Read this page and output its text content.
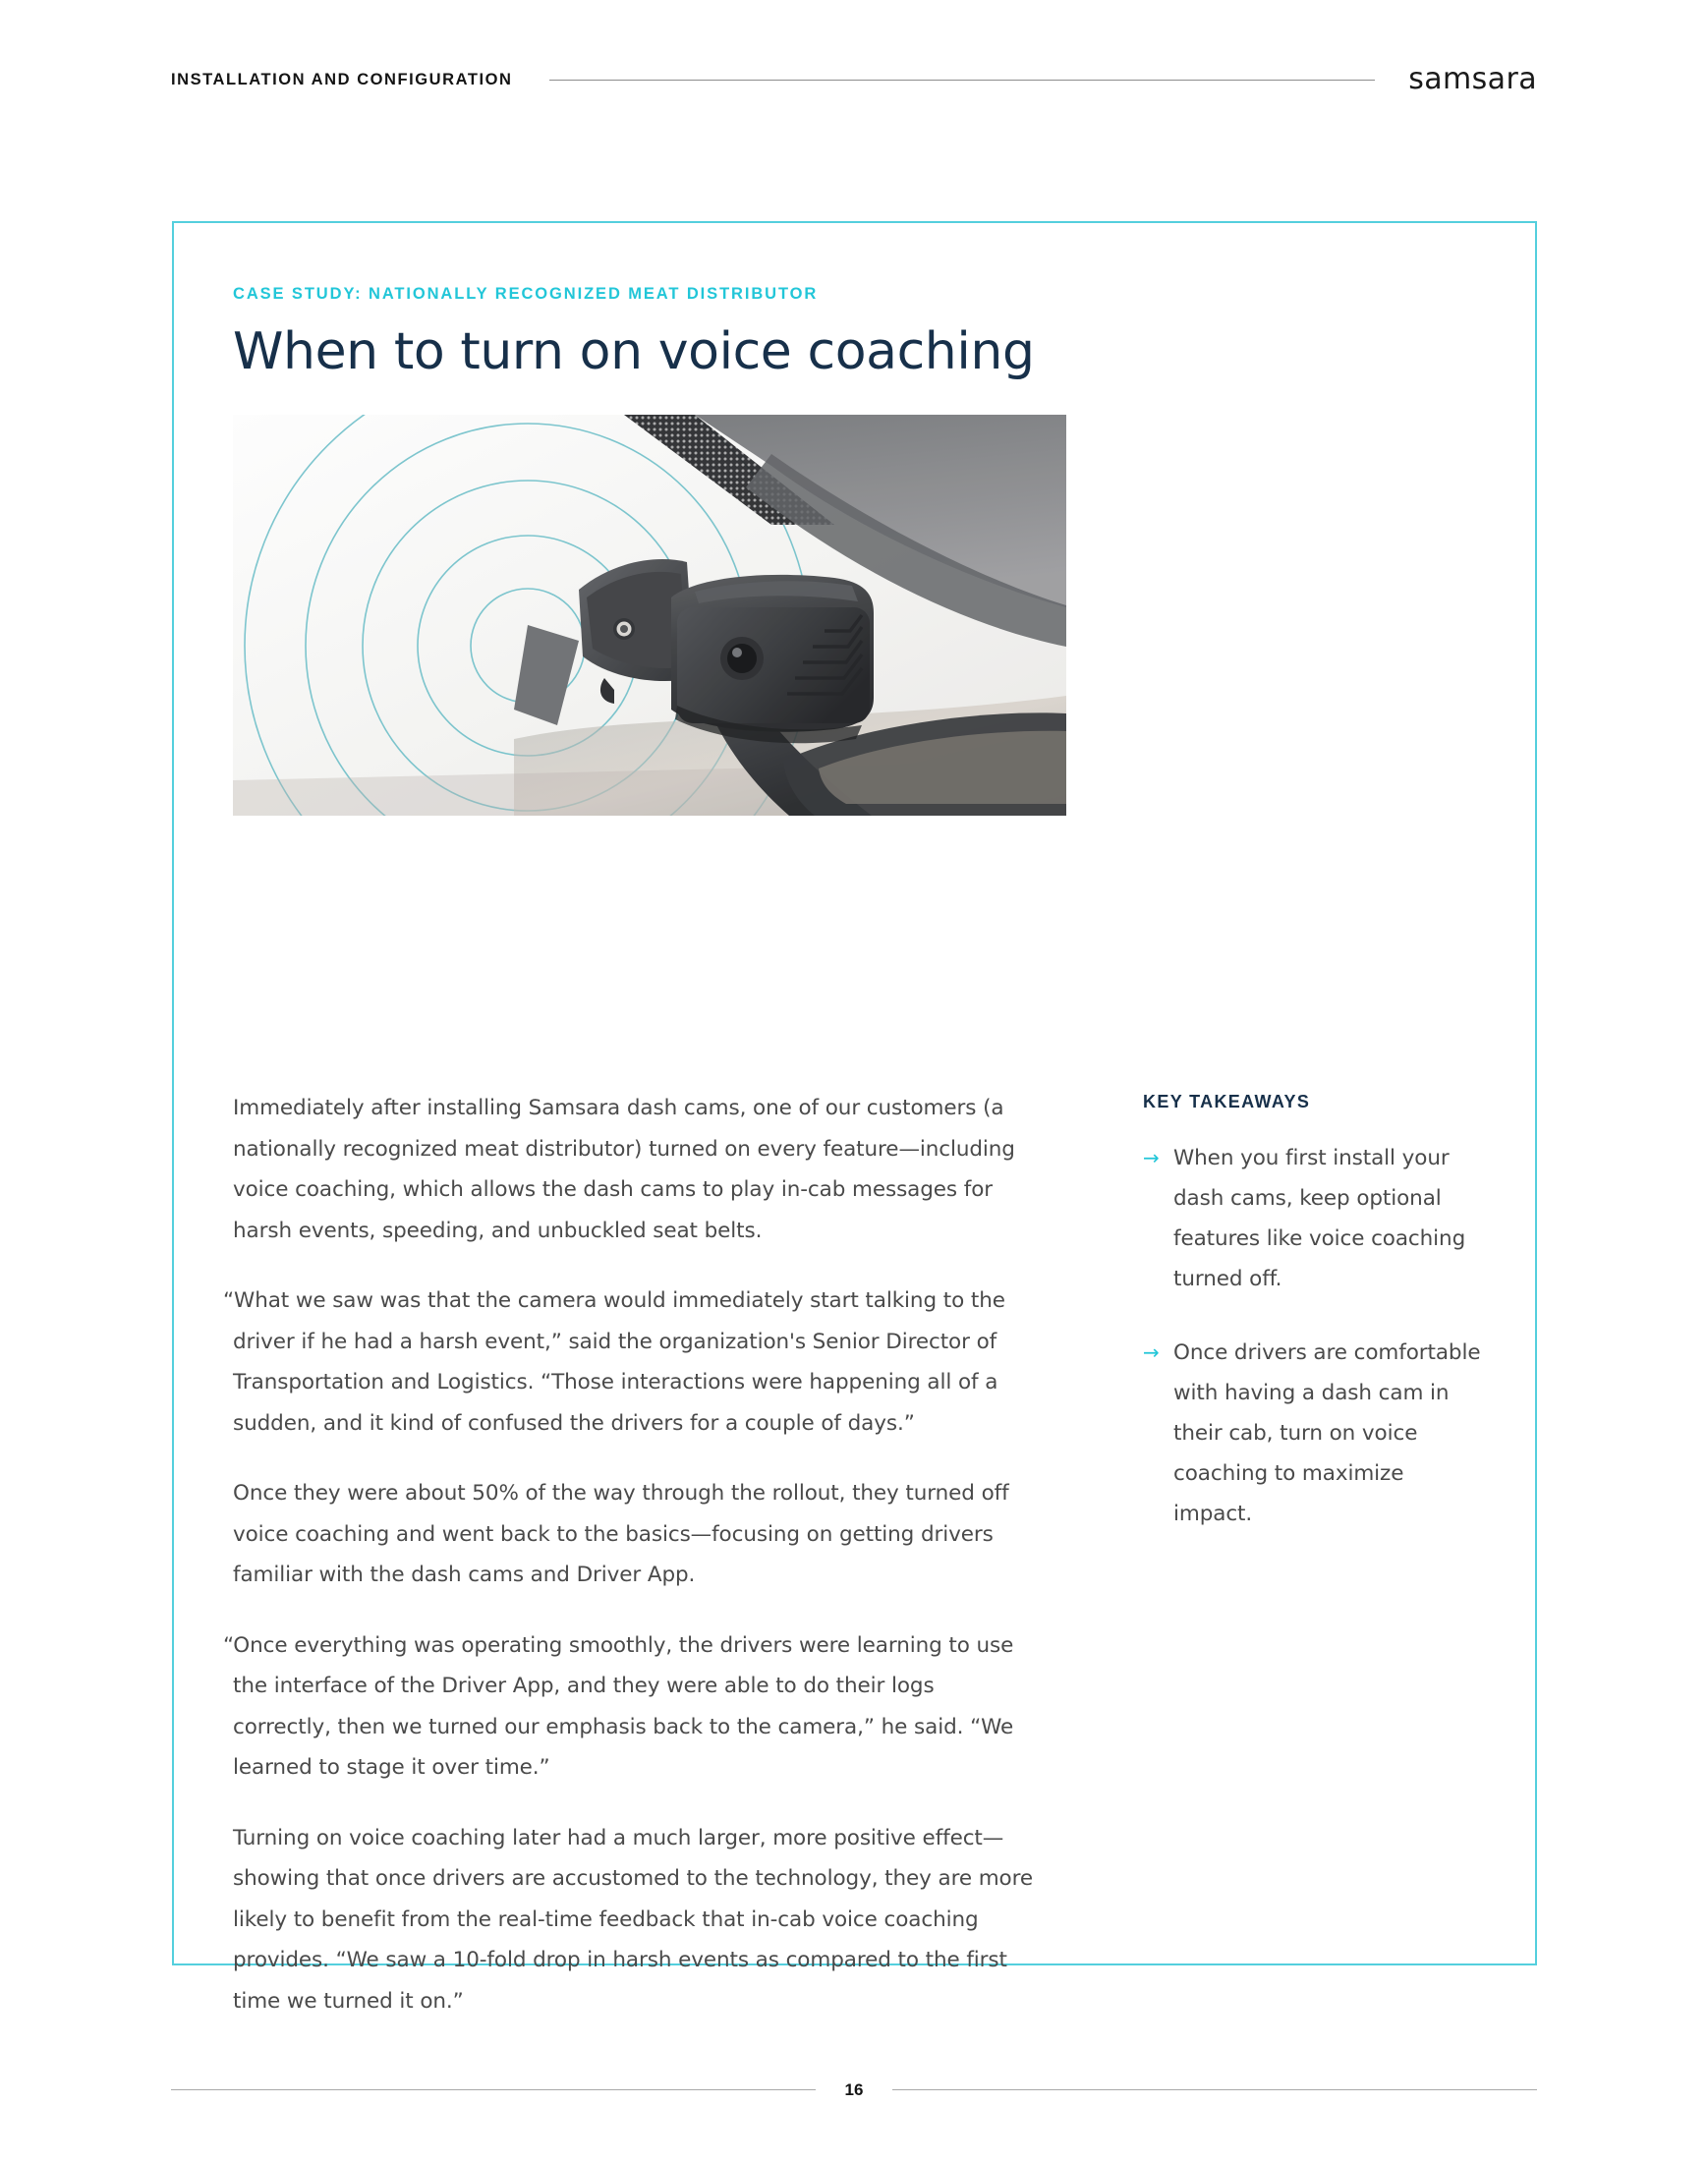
INSTALLATION AND CONFIGURATION	samsara
CASE STUDY: NATIONALLY RECOGNIZED MEAT DISTRIBUTOR
When to turn on voice coaching

Immediately after installing Samsara dash cams, one of our customers (a nationally recognized meat distributor) turned on every feature—including voice coaching, which allows the dash cams to play in-cab messages for harsh events, speeding, and unbuckled seat belts.

“What we saw was that the camera would immediately start talking to the driver if he had a harsh event,” said the organization's Senior Director of Transportation and Logistics. “Those interactions were happening all of a sudden, and it kind of confused the drivers for a couple of days.”

Once they were about 50% of the way through the rollout, they turned off voice coaching and went back to the basics—focusing on getting drivers familiar with the dash cams and Driver App.

“Once everything was operating smoothly, the drivers were learning to use the interface of the Driver App, and they were able to do their logs correctly, then we turned our emphasis back to the camera,” he said. “We learned to stage it over time.”

Turning on voice coaching later had a much larger, more positive effect—showing that once drivers are accustomed to the technology, they are more likely to benefit from the real-time feedback that in-cab voice coaching provides. “We saw a 10-fold drop in harsh events as compared to the first time we turned it on.”

KEY TAKEAWAYS
→ When you first install your dash cams, keep optional features like voice coaching turned off.
→ Once drivers are comfortable with having a dash cam in their cab, turn on voice coaching to maximize impact.
16
